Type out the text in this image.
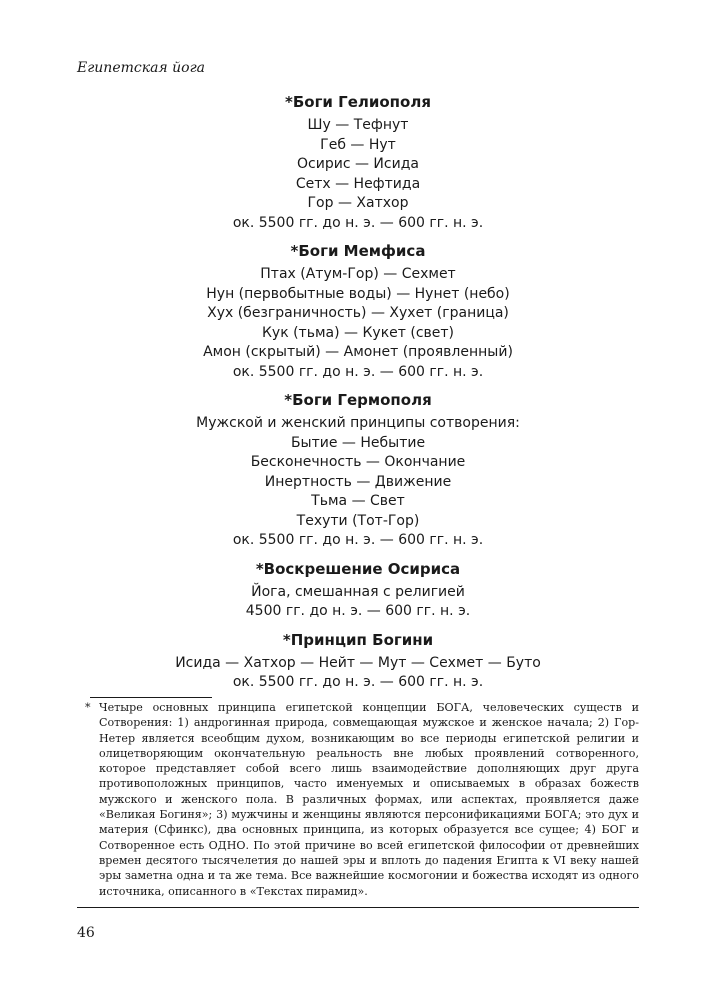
Египетская йога
*Боги Гелиополя
Шу — Тефнут
Геб — Нут
Осирис — Исида
Сетх — Нефтида
Гор — Хатхор
ок. 5500 гг. до н. э. — 600 гг. н. э.
*Боги Мемфиса
Птах (Атум-Гор) — Сехмет
Нун (первобытные воды) — Нунет (небо)
Хух (безграничность) — Хухет (граница)
Кук (тьма) — Кукет (свет)
Амон (скрытый) — Амонет (проявленный)
ок. 5500 гг. до н. э. — 600 гг. н. э.
*Боги Гермополя
Мужской и женский принципы сотворения:
Бытие — Небытие
Бесконечность — Окончание
Инертность — Движение
Тьма — Свет
Техути (Тот-Гор)
ок. 5500 гг. до н. э. — 600 гг. н. э.
*Воскрешение Осириса
Йога, смешанная с религией
4500 гг. до н. э. — 600 гг. н. э.
*Принцип Богини
Исида — Хатхор — Нейт — Мут — Сехмет — Буто
ок. 5500 гг. до н. э. — 600 гг. н. э.
* Четыре основных принципа египетской концепции БОГА, человеческих существ и Сотворения: 1) андрогинная природа, совмещающая мужское и женское начала; 2) Гор-Нетер является всеобщим духом, возникающим во все периоды египетской религии и олицетворяющим окончательную реальность вне любых проявлений сотворенного, которое представляет собой всего лишь взаимодействие дополняющих друг друга противоположных принципов, часто именуемых и описываемых в образах божеств мужского и женского пола. В различных формах, или аспектах, проявляется даже «Великая Богиня»; 3) мужчины и женщины являются персонификациями БОГА; это дух и материя (Сфинкс), два основных принципа, из которых образуется все сущее; 4) БОГ и Сотворенное есть ОДНО. По этой причине во всей египетской философии от древнейших времен десятого тысячелетия до нашей эры и вплоть до падения Египта к VI веку нашей эры заметна одна и та же тема. Все важнейшие космогонии и божества исходят из одного источника, описанного в «Текстах пирамид».
46
